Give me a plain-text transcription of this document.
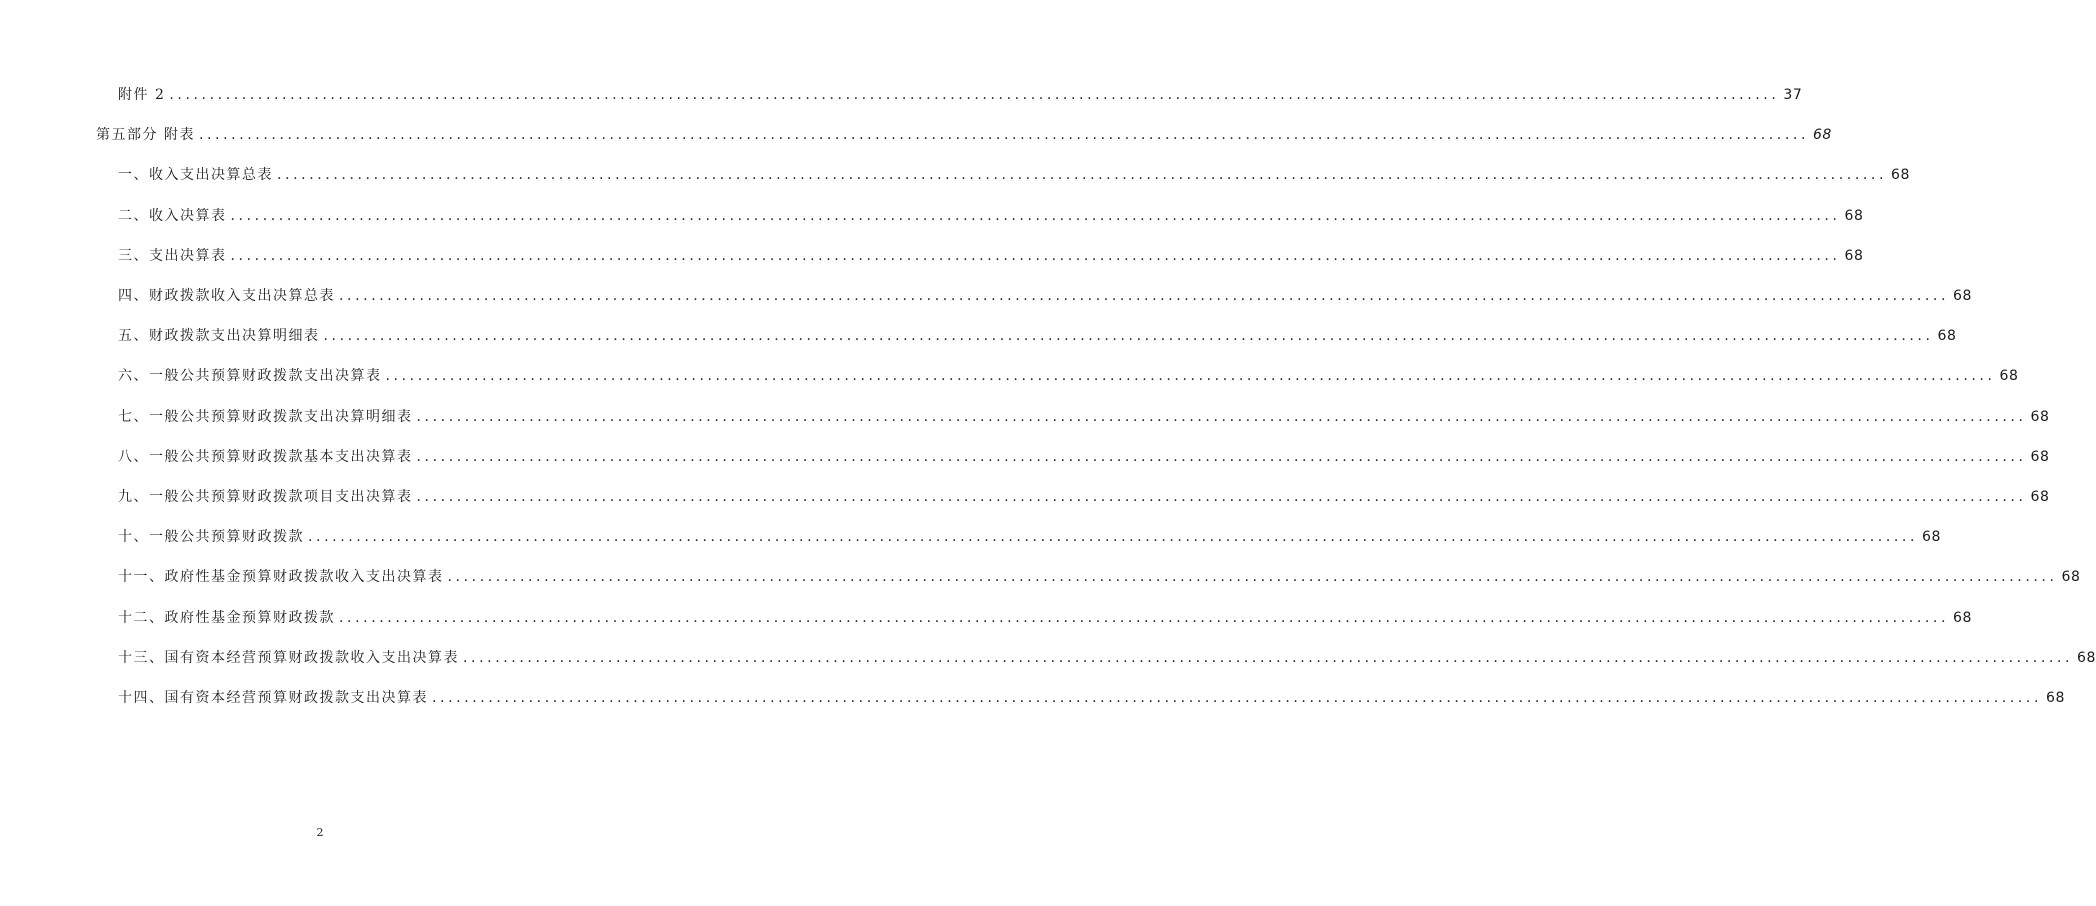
附件 2 ........................................................................................................................................................................................................ 37
第五部分 附表 ........................................................................................................................................................................................................ 68
一、收入支出决算总表 ........................................................................................................................................................................................................ 68
二、收入决算表 ........................................................................................................................................................................................................ 68
三、支出决算表 ........................................................................................................................................................................................................ 68
四、财政拨款收入支出决算总表 ........................................................................................................................................................................................................ 68
五、财政拨款支出决算明细表 ........................................................................................................................................................................................................ 68
六、一般公共预算财政拨款支出决算表 ........................................................................................................................................................................................................ 68
七、一般公共预算财政拨款支出决算明细表 ........................................................................................................................................................................................................ 68
八、一般公共预算财政拨款基本支出决算表 ........................................................................................................................................................................................................ 68
九、一般公共预算财政拨款项目支出决算表 ........................................................................................................................................................................................................ 68
十、一般公共预算财政拨款 ........................................................................................................................................................................................................ 68
十一、政府性基金预算财政拨款收入支出决算表 ........................................................................................................................................................................................................ 68
十二、政府性基金预算财政拨款 ........................................................................................................................................................................................................ 68
十三、国有资本经营预算财政拨款收入支出决算表 ........................................................................................................................................................................................................ 68
十四、国有资本经营预算财政拨款支出决算表 ........................................................................................................................................................................................................ 68
2
